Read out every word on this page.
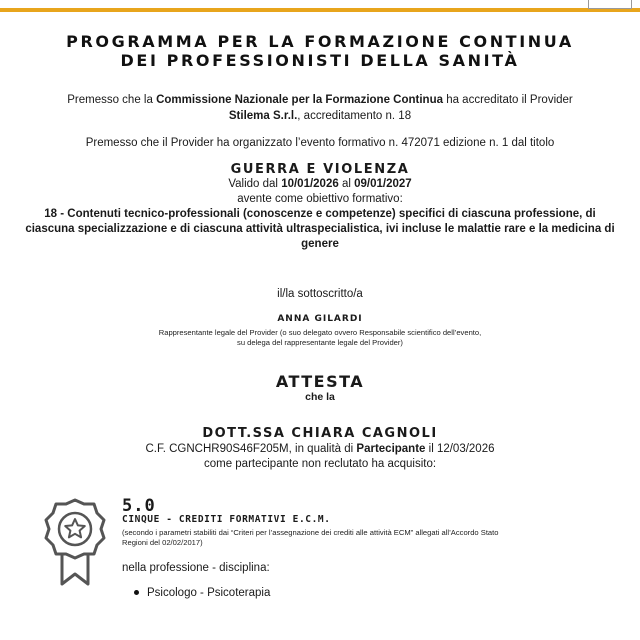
PROGRAMMA PER LA FORMAZIONE CONTINUA
DEI PROFESSIONISTI DELLA SANITÀ
Premesso che la Commissione Nazionale per la Formazione Continua ha accreditato il Provider
Stilema S.r.l., accreditamento n. 18
Premesso che il Provider ha organizzato l’evento formativo n. 472071 edizione n. 1 dal titolo
GUERRA E VIOLENZA
Valido dal 10/01/2026 al 09/01/2027
avente come obiettivo formativo:
18 - Contenuti tecnico-professionali (conoscenze e competenze) specifici di ciascuna professione, di ciascuna specializzazione e di ciascuna attività ultraspecialistica, ivi incluse le malattie rare e la medicina di genere
il/la sottoscritto/a
ANNA GILARDI
Rappresentante legale del Provider (o suo delegato ovvero Responsabile scientifico dell’evento,
su delega del rappresentante legale del Provider)
ATTESTA
che la
DOTT.SSA CHIARA CAGNOLI
C.F. CGNCHR90S46F205M, in qualità di Partecipante il 12/03/2026
come partecipante non reclutato ha acquisito:
5.0
CINQUE - CREDITI FORMATIVI E.C.M.
(secondo i parametri stabiliti dai “Criteri per l’assegnazione dei crediti alle attività ECM” allegati all’Accordo Stato
Regioni del 02/02/2017)
nella professione - disciplina:
Psicologo - Psicoterapia
